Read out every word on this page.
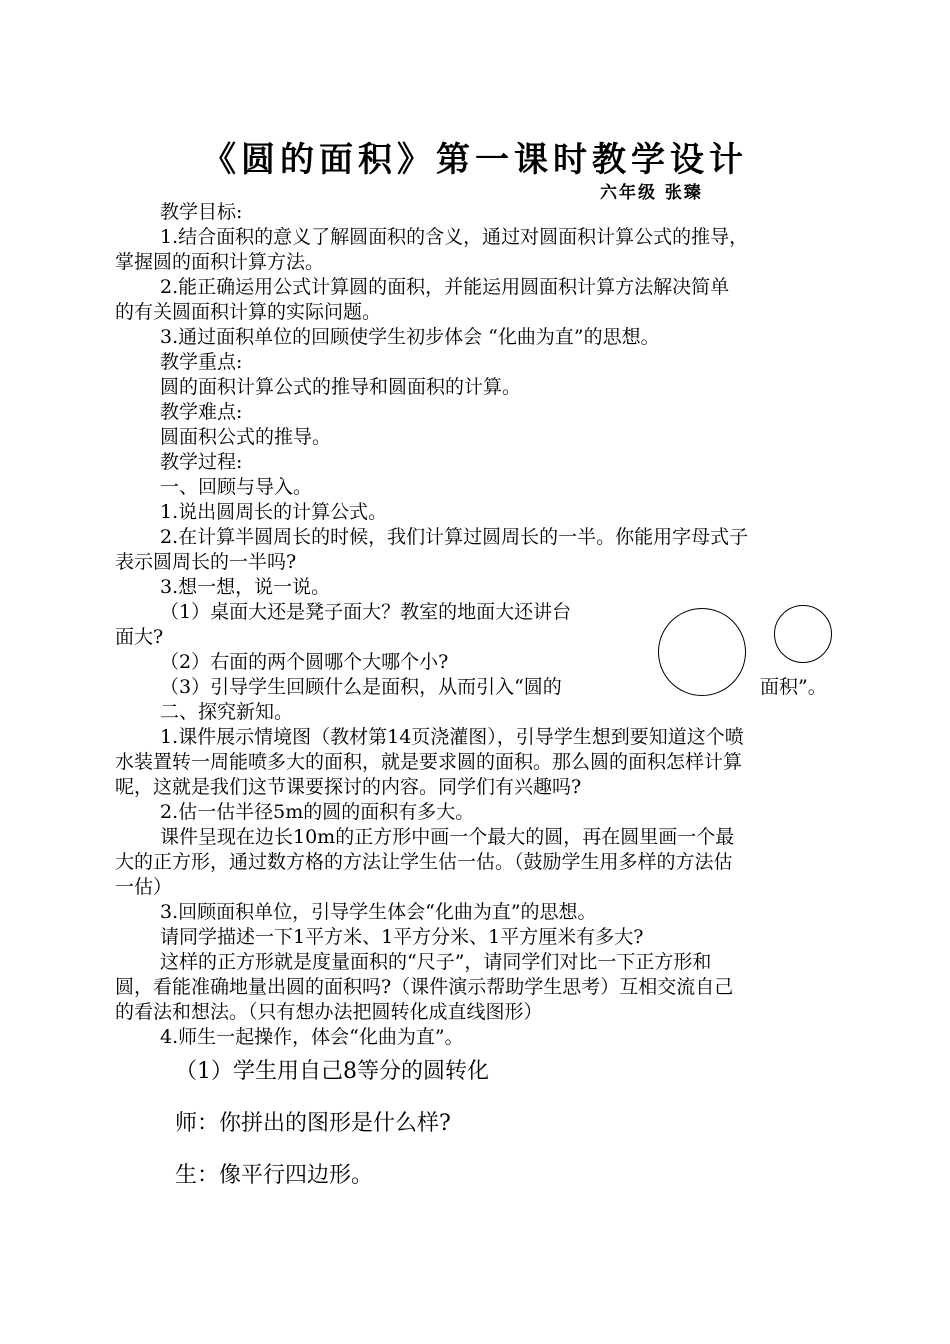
《圆的面积》第一课时教学设计
六年级 张臻
教学目标:
1.结合面积的意义了解圆面积的含义，通过对圆面积计算公式的推导，
掌握圆的面积计算方法。
2.能正确运用公式计算圆的面积，并能运用圆面积计算方法解决简单
的有关圆面积计算的实际问题。
3.通过面积单位的回顾使学生初步体会 “化曲为直”的思想。
教学重点:
圆的面积计算公式的推导和圆面积的计算。
教学难点:
圆面积公式的推导。
教学过程:
一、回顾与导入。
1.说出圆周长的计算公式。
2.在计算半圆周长的时候，我们计算过圆周长的一半。你能用字母式子
表示圆周长的一半吗?
3.想一想，说一说。
（1）桌面大还是凳子面大？教室的地面大还讲台
面大?
（2）右面的两个圆哪个大哪个小?
（3）引导学生回顾什么是面积，从而引入“圆的	面积”。
二、探究新知。
1.课件展示情境图（教材第14页浇灌图），引导学生想到要知道这个喷
水装置转一周能喷多大的面积，就是要求圆的面积。那么圆的面积怎样计算
呢，这就是我们这节课要探讨的内容。同学们有兴趣吗?
2.估一估半径5m的圆的面积有多大。
课件呈现在边长10m的正方形中画一个最大的圆，再在圆里画一个最
大的正方形，通过数方格的方法让学生估一估。（鼓励学生用多样的方法估
一估）
3.回顾面积单位，引导学生体会“化曲为直”的思想。
请同学描述一下1平方米、1平方分米、1平方厘米有多大?
这样的正方形就是度量面积的“尺子”，请同学们对比一下正方形和
圆，看能准确地量出圆的面积吗?（课件演示帮助学生思考）互相交流自己
的看法和想法。（只有想办法把圆转化成直线图形）
4.师生一起操作，体会“化曲为直”。
（1）学生用自己8等分的圆转化
师：你拼出的图形是什么样?
生：像平行四边形。
